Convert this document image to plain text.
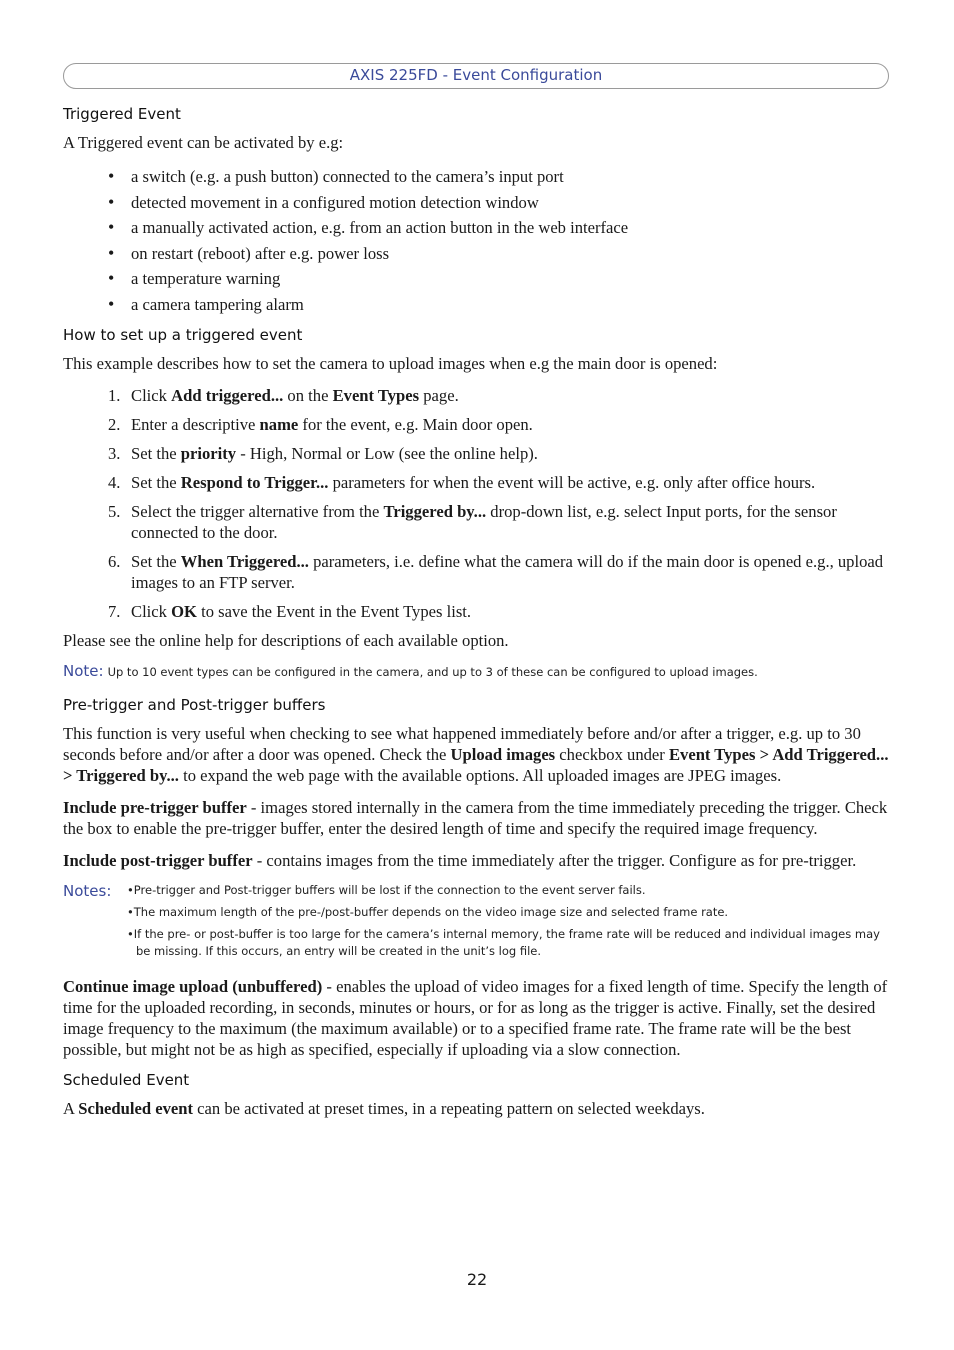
AXIS 225FD - Event Configuration
Triggered Event

A Triggered event can be activated by e.g:

• a switch (e.g. a push button) connected to the camera’s input port
• detected movement in a configured motion detection window
• a manually activated action, e.g. from an action button in the web interface
• on restart (reboot) after e.g. power loss
• a temperature warning
• a camera tampering alarm
How to set up a triggered event

This example describes how to set the camera to upload images when e.g the main door is opened:

1. Click Add triggered... on the Event Types page.
2. Enter a descriptive name for the event, e.g. Main door open.
3. Set the priority - High, Normal or Low (see the online help).
4. Set the Respond to Trigger... parameters for when the event will be active, e.g. only after office hours.
5. Select the trigger alternative from the Triggered by... drop-down list, e.g. select Input ports, for the sensor connected to the door.
6. Set the When Triggered... parameters, i.e. define what the camera will do if the main door is opened e.g., upload images to an FTP server.
7. Click OK to save the Event in the Event Types list.

Please see the online help for descriptions of each available option.

Note: Up to 10 event types can be configured in the camera, and up to 3 of these can be configured to upload images.
Pre-trigger and Post-trigger buffers

This function is very useful when checking to see what happened immediately before and/or after a trigger, e.g. up to 30 seconds before and/or after a door was opened. Check the Upload images checkbox under Event Types > Add Triggered... > Triggered by... to expand the web page with the available options. All uploaded images are JPEG images.

Include pre-trigger buffer - images stored internally in the camera from the time immediately preceding the trigger. Check the box to enable the pre-trigger buffer, enter the desired length of time and specify the required image frequency.

Include post-trigger buffer - contains images from the time immediately after the trigger. Configure as for pre-trigger.

Notes: •Pre-trigger and Post-trigger buffers will be lost if the connection to the event server fails.
•The maximum length of the pre-/post-buffer depends on the video image size and selected frame rate.
•If the pre- or post-buffer is too large for the camera’s internal memory, the frame rate will be reduced and individual images may be missing. If this occurs, an entry will be created in the unit’s log file.

Continue image upload (unbuffered) - enables the upload of video images for a fixed length of time. Specify the length of time for the uploaded recording, in seconds, minutes or hours, or for as long as the trigger is active. Finally, set the desired image frequency to the maximum (the maximum available) or to a specified frame rate. The frame rate will be the best possible, but might not be as high as specified, especially if uploading via a slow connection.

Scheduled Event

A Scheduled event can be activated at preset times, in a repeating pattern on selected weekdays.

22
